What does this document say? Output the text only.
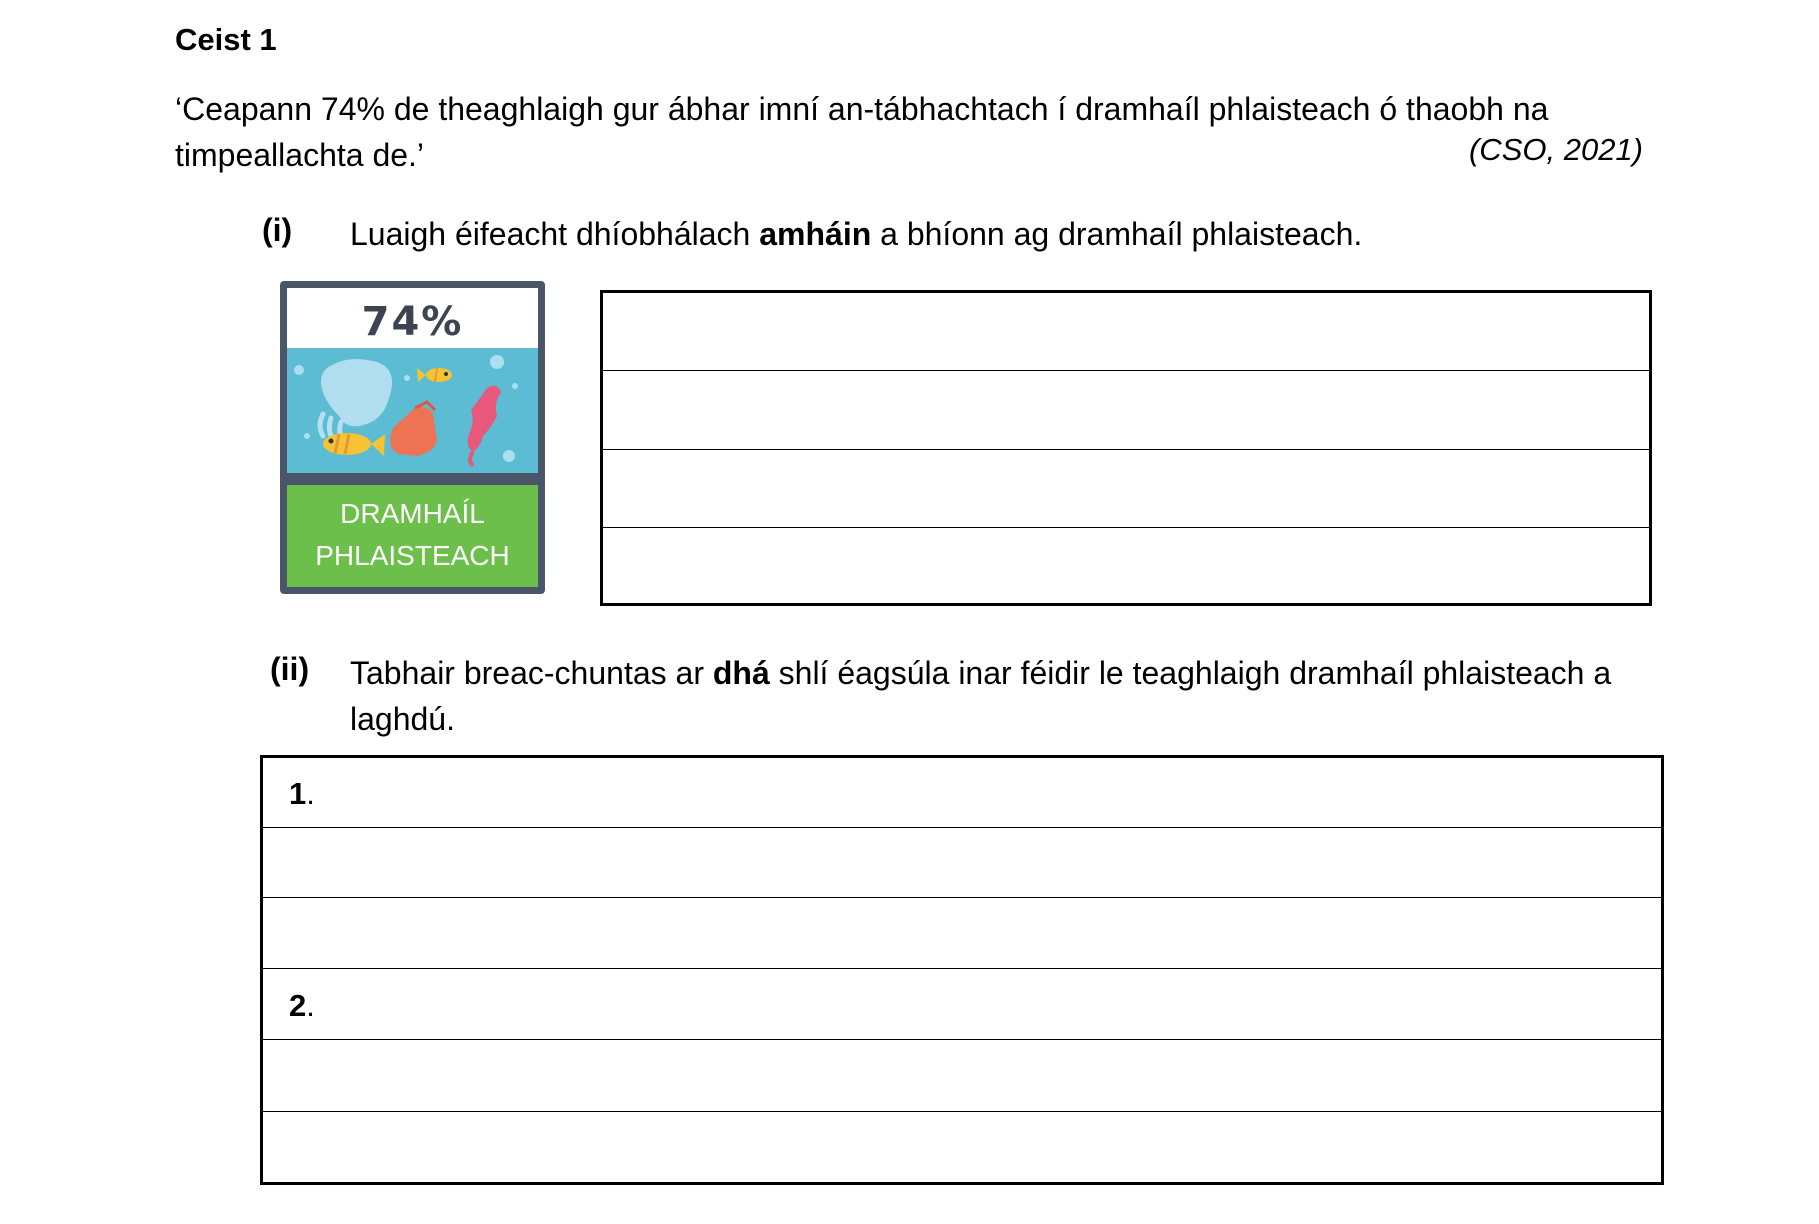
Ceist 1
‘Ceapann 74% de theaghlaigh gur ábhar imní an-tábhachtach í dramhaíl phlaisteach ó thaobh na timpeallachta de.’	(CSO, 2021)
(i) Luaigh éifeacht dhíobhálach amháin a bhíonn ag dramhaíl phlaisteach.
74%
DRAMHAÍL
PHLAISTEACH
(ii) Tabhair breac-chuntas ar dhá shlí éagsúla inar féidir le teaghlaigh dramhaíl phlaisteach a laghdú.
1.
2.
